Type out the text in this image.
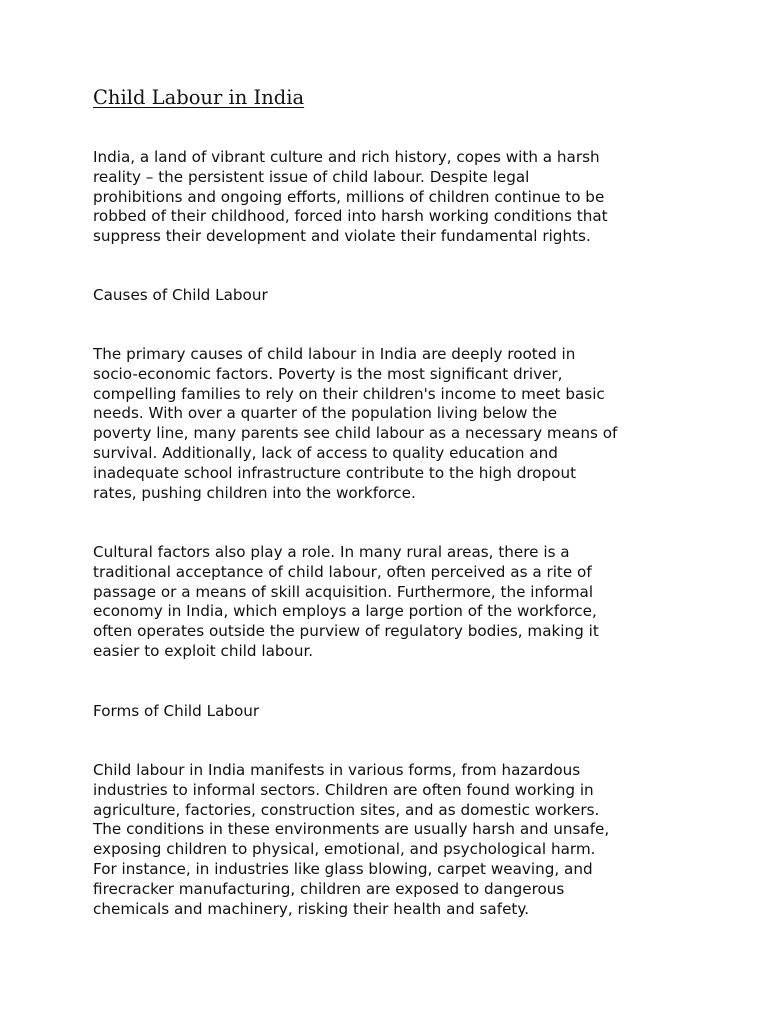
Child Labour in India

India, a land of vibrant culture and rich history, copes with a harsh
reality – the persistent issue of child labour. Despite legal
prohibitions and ongoing efforts, millions of children continue to be
robbed of their childhood, forced into harsh working conditions that
suppress their development and violate their fundamental rights.

Causes of Child Labour

The primary causes of child labour in India are deeply rooted in
socio-economic factors. Poverty is the most significant driver,
compelling families to rely on their children's income to meet basic
needs. With over a quarter of the population living below the
poverty line, many parents see child labour as a necessary means of
survival. Additionally, lack of access to quality education and
inadequate school infrastructure contribute to the high dropout
rates, pushing children into the workforce.

Cultural factors also play a role. In many rural areas, there is a
traditional acceptance of child labour, often perceived as a rite of
passage or a means of skill acquisition. Furthermore, the informal
economy in India, which employs a large portion of the workforce,
often operates outside the purview of regulatory bodies, making it
easier to exploit child labour.

Forms of Child Labour

Child labour in India manifests in various forms, from hazardous
industries to informal sectors. Children are often found working in
agriculture, factories, construction sites, and as domestic workers.
The conditions in these environments are usually harsh and unsafe,
exposing children to physical, emotional, and psychological harm.
For instance, in industries like glass blowing, carpet weaving, and
firecracker manufacturing, children are exposed to dangerous
chemicals and machinery, risking their health and safety.
